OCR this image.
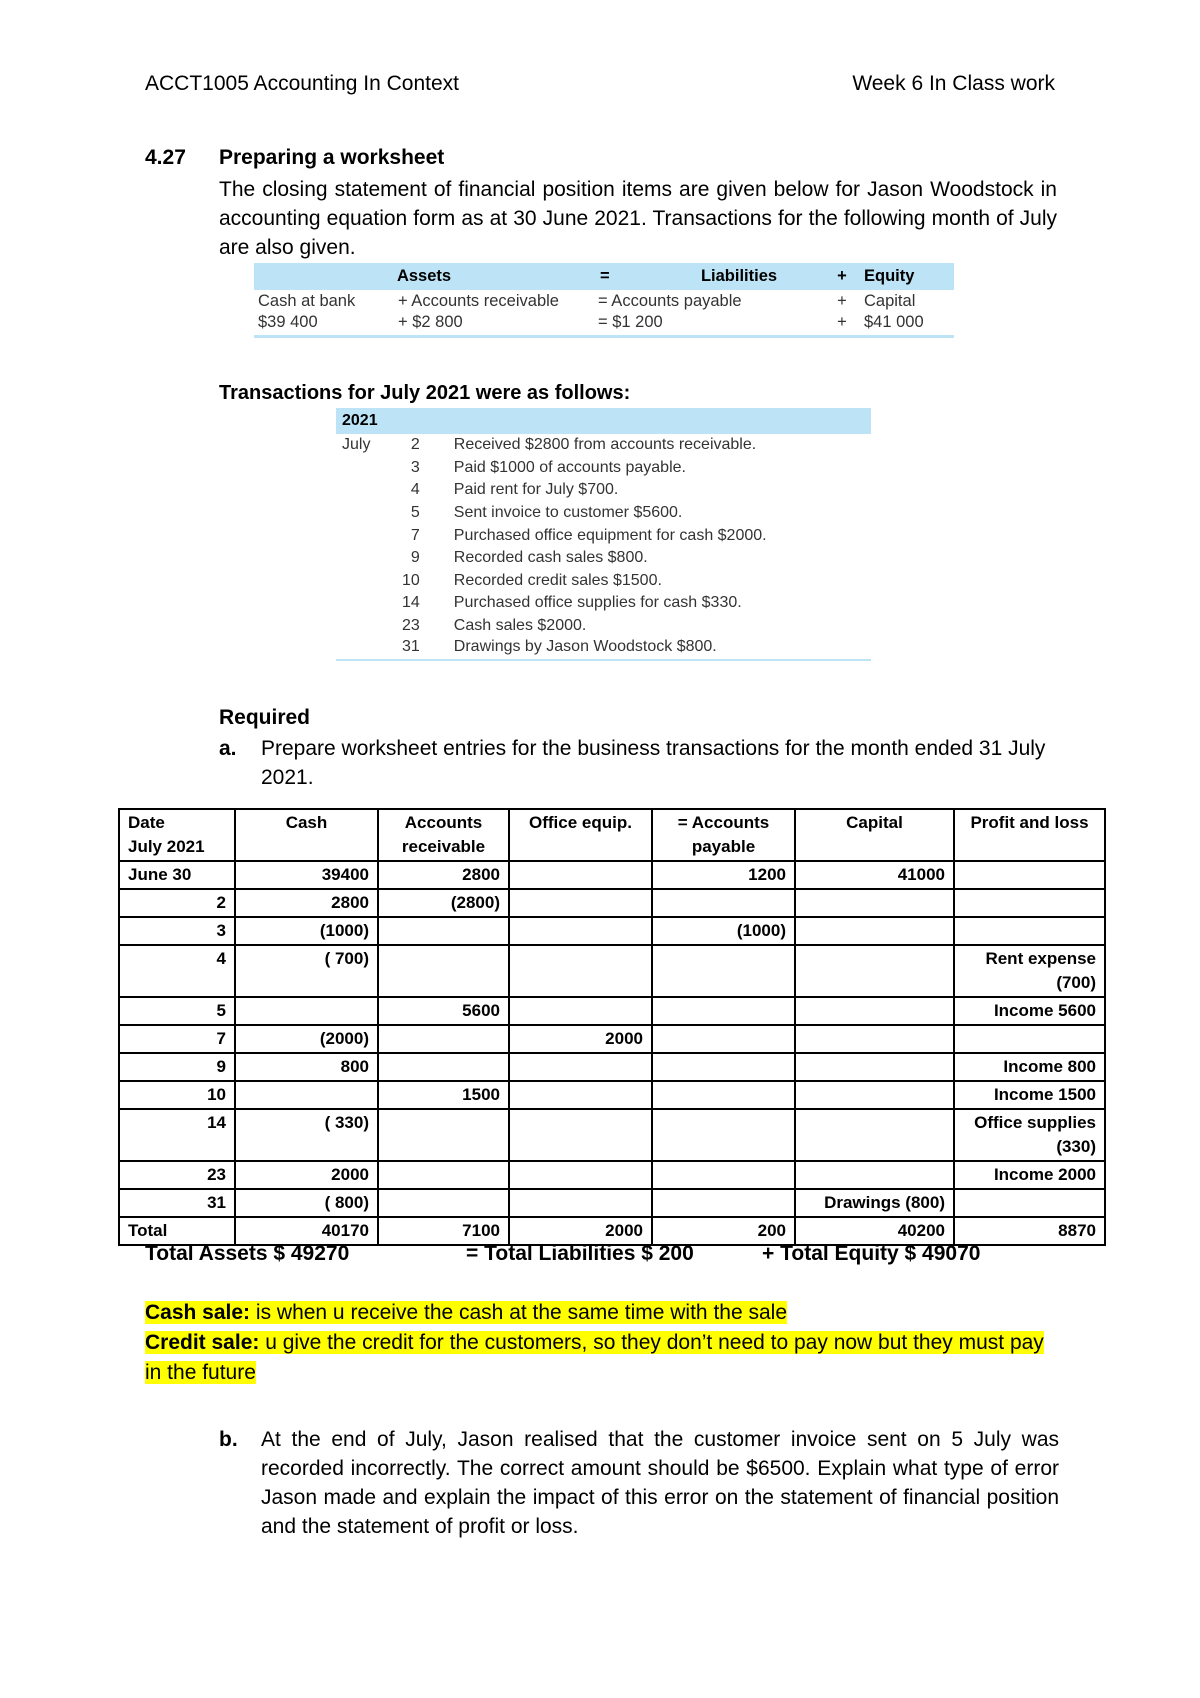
ACCT1005 Accounting In Context	Week 6 In Class work
4.27 Preparing a worksheet
The closing statement of financial position items are given below for Jason Woodstock in accounting equation form as at 30 June 2021. Transactions for the following month of July are also given.
Assets		=	Liabilities	+	Equity
Cash at bank	+ Accounts receivable	= Accounts payable		+	Capital
$39 400	+ $2 800	= $1 200		+	$41 000
Transactions for July 2021 were as follows:
2021		
July	2	Received $2800 from accounts receivable.
	3	Paid $1000 of accounts payable.
	4	Paid rent for July $700.
	5	Sent invoice to customer $5600.
	7	Purchased office equipment for cash $2000.
	9	Recorded cash sales $800.
	10	Recorded credit sales $1500.
	14	Purchased office supplies for cash $330.
	23	Cash sales $2000.
	31	Drawings by Jason Woodstock $800.
Required
a.	Prepare worksheet entries for the business transactions for the month ended 31 July 2021.
Date
July 2021	Cash	Accounts
receivable	Office equip.	= Accounts
payable	Capital	Profit and loss
June 30	39400	2800		1200	41000	
2	2800	(2800)				
3	(1000)			(1000)		
4	( 700)					Rent expense
(700)

5		5600				Income 5600
7	(2000)		2000			
9	800					Income 800
10		1500				Income 1500
14	( 330)					Office supplies
(330)

23	2000					Income 2000
31	( 800)				Drawings (800)	
Total	40170	7100	2000	200	40200	8870
Total Assets $ 49270	= Total Liabilities $ 200	+ Total Equity $ 49070
Cash sale: is when u receive the cash at the same time with the sale
Credit sale: u give the credit for the customers, so they don’t need to pay now but they must pay in the future
b.	At the end of July, Jason realised that the customer invoice sent on 5 July was recorded incorrectly. The correct amount should be $6500. Explain what type of error Jason made and explain the impact of this error on the statement of financial position and the statement of profit or loss.
